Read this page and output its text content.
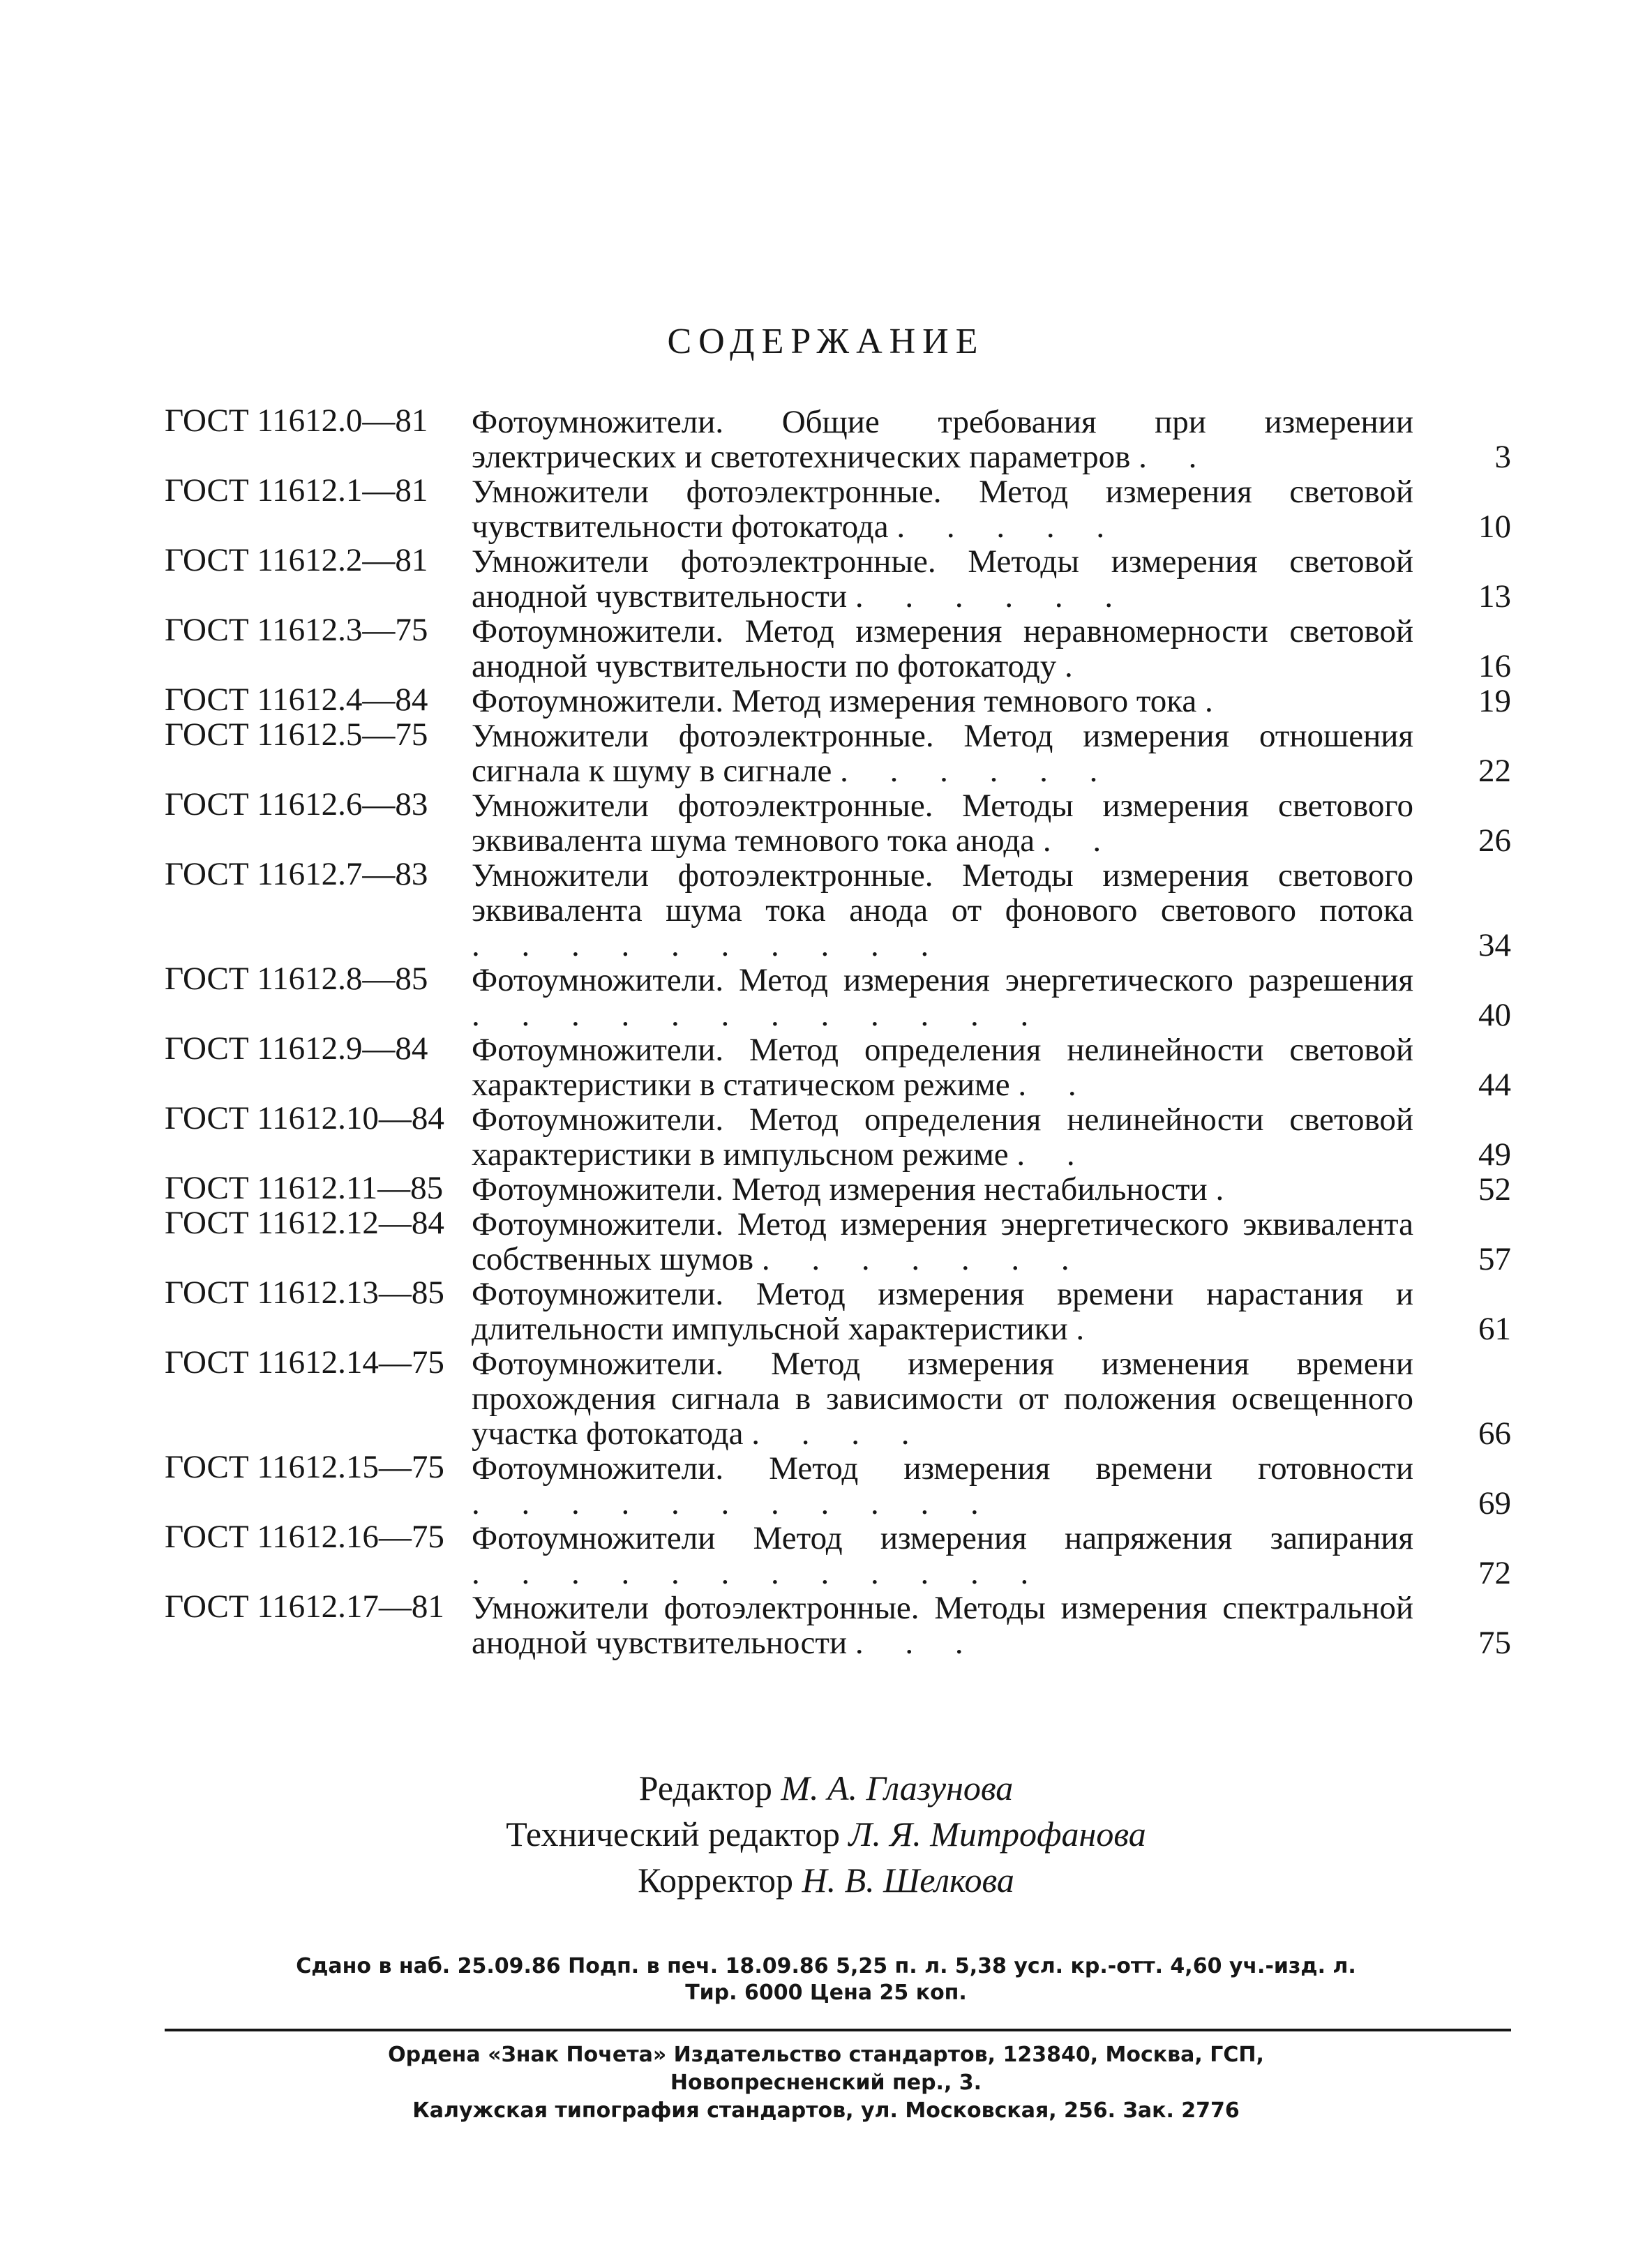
СОДЕРЖАНИЕ
ГОСТ 11612.0—81	Фотоумножители. Общие требования при измерении электрических и светотехнических параметров . .	3
ГОСТ 11612.1—81	Умножители фотоэлектронные. Метод измерения световой чувствительности фотокатода . . . . .	10
ГОСТ 11612.2—81	Умножители фотоэлектронные. Методы измерения световой анодной чувствительности . . . . . .	13
ГОСТ 11612.3—75	Фотоумножители. Метод измерения неравномерности световой анодной чувствительности по фотокатоду .	16
ГОСТ 11612.4—84	Фотоумножители. Метод измерения темнового тока .	19
ГОСТ 11612.5—75	Умножители фотоэлектронные. Метод измерения отношения сигнала к шуму в сигнале . . . . . .	22
ГОСТ 11612.6—83	Умножители фотоэлектронные. Методы измерения светового эквивалента шума темнового тока анода . .	26
ГОСТ 11612.7—83	Умножители фотоэлектронные. Методы измерения светового эквивалента шума тока анода от фонового светового потока . . . . . . . . . .	34
ГОСТ 11612.8—85	Фотоумножители. Метод измерения энергетического разрешения . . . . . . . . . . . .	40
ГОСТ 11612.9—84	Фотоумножители. Метод определения нелинейности световой характеристики в статическом режиме . .	44
ГОСТ 11612.10—84 Фотоумножители. Метод определения нелинейности световой характеристики в импульсном режиме . .	49
ГОСТ 11612.11—85 Фотоумножители. Метод измерения нестабильности .	52
ГОСТ 11612.12—84 Фотоумножители. Метод измерения энергетического эквивалента собственных шумов . . . . . . .	57
ГОСТ 11612.13—85 Фотоумножители. Метод измерения времени нарастания и длительности импульсной характеристики .	61
ГОСТ 11612.14—75 Фотоумножители. Метод измерения изменения времени прохождения сигнала в зависимости от положения освещенного участка фотокатода . . . .	66
ГОСТ 11612.15—75 Фотоумножители. Метод измерения времени готовности . . . . . . . . . . .	69
ГОСТ 11612.16—75 Фотоумножители Метод измерения напряжения запирания . . . . . . . . . . . .	72
ГОСТ 11612.17—81 Умножители фотоэлектронные. Методы измерения спектральной анодной чувствительности . . .	75
Редактор М. А. Глазунова
Технический редактор Л. Я. Митрофанова
Корректор Н. В. Шелкова
Сдано в наб. 25.09.86 Подп. в печ. 18.09.86 5,25 п. л. 5,38 усл. кр.-отт. 4,60 уч.-изд. л.
Тир. 6000 Цена 25 коп.
Ордена «Знак Почета» Издательство стандартов, 123840, Москва, ГСП,
Новопресненский пер., 3.
Калужская типография стандартов, ул. Московская, 256. Зак. 2776
